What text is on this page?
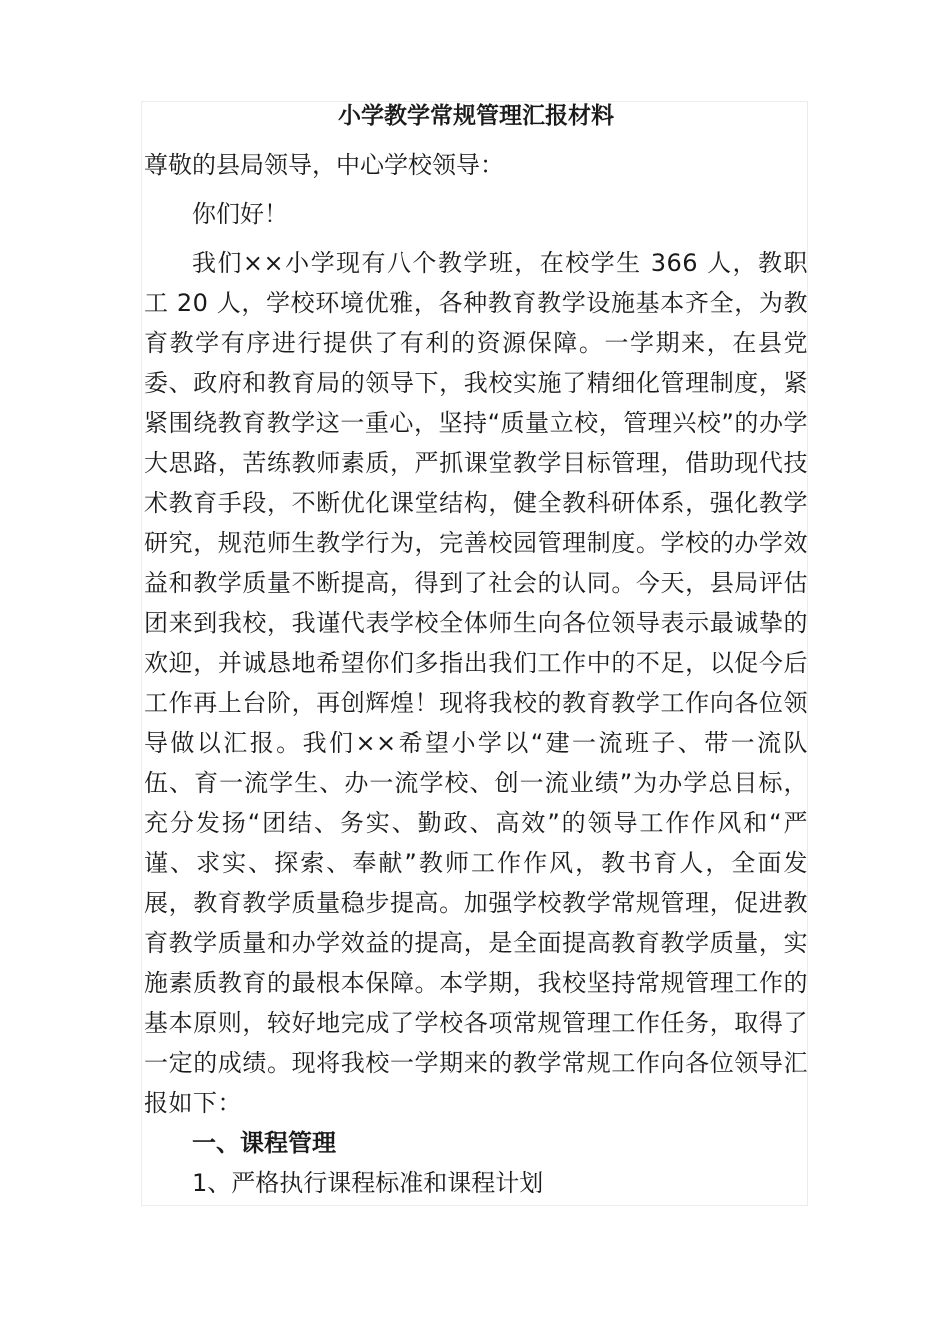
小学教学常规管理汇报材料

尊敬的县局领导，中心学校领导：

你们好！

我们××小学现有八个教学班，在校学生 366 人，教职工 20 人，学校环境优雅，各种教育教学设施基本齐全，为教育教学有序进行提供了有利的资源保障。一学期来，在县党委、政府和教育局的领导下，我校实施了精细化管理制度，紧紧围绕教育教学这一重心，坚持“质量立校，管理兴校”的办学大思路，苦练教师素质，严抓课堂教学目标管理，借助现代技术教育手段，不断优化课堂结构，健全教科研体系，强化教学研究，规范师生教学行为，完善校园管理制度。学校的办学效益和教学质量不断提高，得到了社会的认同。今天，县局评估团来到我校，我谨代表学校全体师生向各位领导表示最诚挚的欢迎，并诚恳地希望你们多指出我们工作中的不足，以促今后工作再上台阶，再创辉煌！现将我校的教育教学工作向各位领导做以汇报。我们××希望小学以“建一流班子、带一流队伍、育一流学生、办一流学校、创一流业绩”为办学总目标，充分发扬“团结、务实、勤政、高效”的领导工作作风和“严谨、求实、探索、奉献”教师工作作风，教书育人，全面发展，教育教学质量稳步提高。加强学校教学常规管理，促进教育教学质量和办学效益的提高，是全面提高教育教学质量，实施素质教育的最根本保障。本学期，我校坚持常规管理工作的基本原则，较好地完成了学校各项常规管理工作任务，取得了一定的成绩。现将我校一学期来的教学常规工作向各位领导汇报如下：

一、课程管理

1、严格执行课程标准和课程计划
